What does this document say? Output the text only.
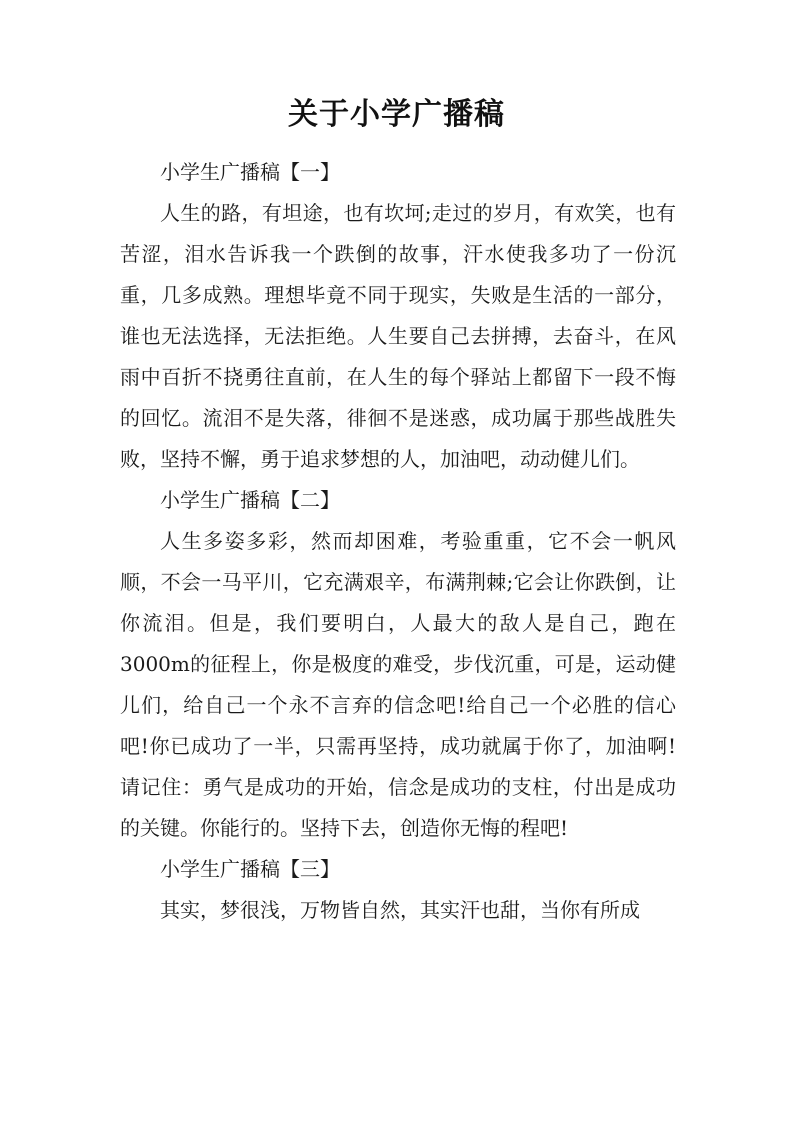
关于小学广播稿

小学生广播稿【一】

人生的路，有坦途，也有坎坷;走过的岁月，有欢笑，也有苦涩，泪水告诉我一个跌倒的故事，汗水使我多功了一份沉重，几多成熟。理想毕竟不同于现实，失败是生活的一部分，谁也无法选择，无法拒绝。人生要自己去拼搏，去奋斗，在风雨中百折不挠勇往直前，在人生的每个驿站上都留下一段不悔的回忆。流泪不是失落，徘徊不是迷惑，成功属于那些战胜失败，坚持不懈，勇于追求梦想的人，加油吧，动动健儿们。

小学生广播稿【二】

人生多姿多彩，然而却困难，考验重重，它不会一帆风顺，不会一马平川，它充满艰辛，布满荆棘;它会让你跌倒，让你流泪。但是，我们要明白，人最大的敌人是自己，跑在3000m的征程上，你是极度的难受，步伐沉重，可是，运动健儿们，给自己一个永不言弃的信念吧!给自己一个必胜的信心吧!你已成功了一半，只需再坚持，成功就属于你了，加油啊!请记住：勇气是成功的开始，信念是成功的支柱，付出是成功的关键。你能行的。坚持下去，创造你无悔的程吧!

小学生广播稿【三】

其实，梦很浅，万物皆自然，其实汗也甜，当你有所成
